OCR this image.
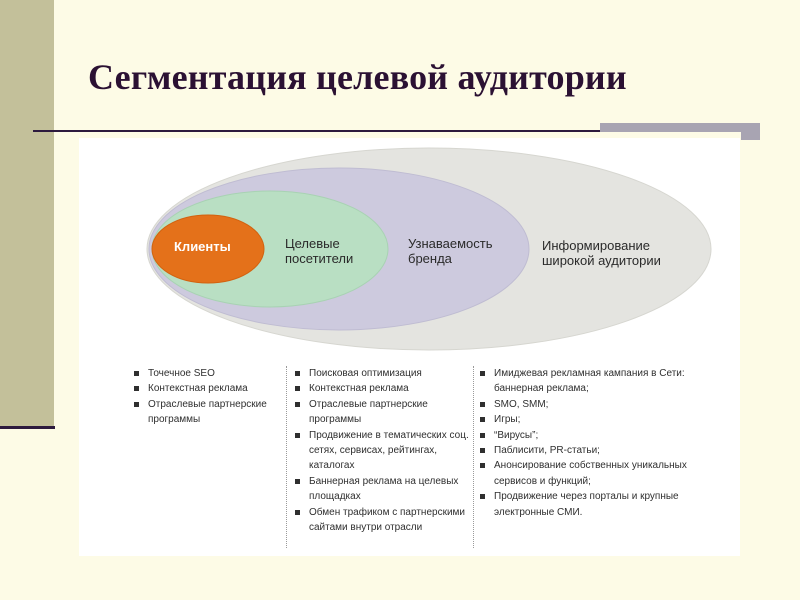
Сегментация целевой аудитории
Клиенты	Целевые
посетители
Узнаваемость
бренда
Информирование
широкой аудитории
Точечное SEO
Контекстная реклама
Отраслевые партнерские программы
Поисковая оптимизация
Контекстная реклама
Отраслевые партнерские программы
Продвижение в тематических соц. сетях, сервисах, рейтингах, каталогах
Баннерная реклама на целевых площадках
Обмен трафиком с партнерскими сайтами внутри отрасли
Имиджевая рекламная кампания в Сети: баннерная реклама;
SMO, SMM;
Игры;
“Вирусы”;
Паблисити, PR-статьи;
Анонсирование собственных уникальных сервисов и функций;
Продвижение через порталы и крупные электронные СМИ.
